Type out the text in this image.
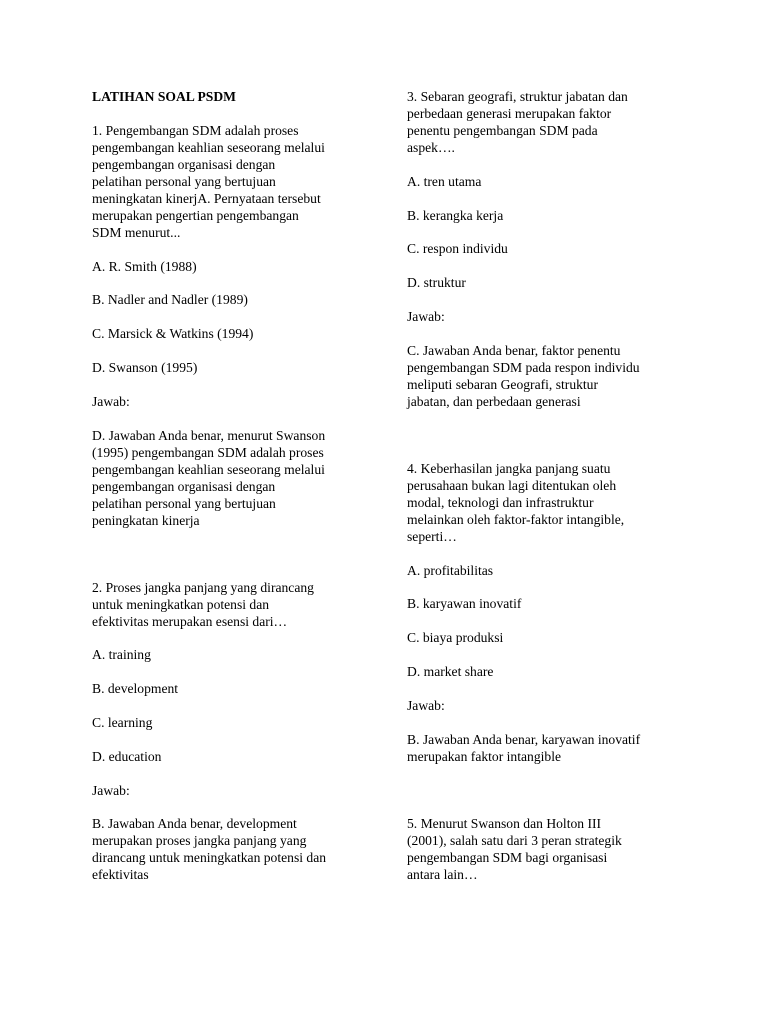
LATIHAN SOAL PSDM
1. Pengembangan SDM adalah proses
pengembangan keahlian seseorang melalui
pengembangan organisasi dengan
pelatihan personal yang bertujuan
meningkatan kinerjA. Pernyataan tersebut
merupakan pengertian pengembangan
SDM menurut...
A. R. Smith (1988)
B. Nadler and Nadler (1989)
C. Marsick & Watkins (1994)
D. Swanson (1995)
Jawab:
D. Jawaban Anda benar, menurut Swanson
(1995) pengembangan SDM adalah proses
pengembangan keahlian seseorang melalui
pengembangan organisasi dengan
pelatihan personal yang bertujuan
peningkatan kinerja
2. Proses jangka panjang yang dirancang
untuk meningkatkan potensi dan
efektivitas merupakan esensi dari…
A. training
B. development
C. learning
D. education
Jawab:
B. Jawaban Anda benar, development
merupakan proses jangka panjang yang
dirancang untuk meningkatkan potensi dan
efektivitas
3. Sebaran geografi, struktur jabatan dan
perbedaan generasi merupakan faktor
penentu pengembangan SDM pada
aspek….
A. tren utama
B. kerangka kerja
C. respon individu
D. struktur
Jawab:
C. Jawaban Anda benar, faktor penentu
pengembangan SDM pada respon individu
meliputi sebaran Geografi, struktur
jabatan, dan perbedaan generasi
4. Keberhasilan jangka panjang suatu
perusahaan bukan lagi ditentukan oleh
modal, teknologi dan infrastruktur
melainkan oleh faktor-faktor intangible,
seperti…
A. profitabilitas
B. karyawan inovatif
C. biaya produksi
D. market share
Jawab:
B. Jawaban Anda benar, karyawan inovatif
merupakan faktor intangible
5. Menurut Swanson dan Holton III
(2001), salah satu dari 3 peran strategik
pengembangan SDM bagi organisasi
antara lain…
